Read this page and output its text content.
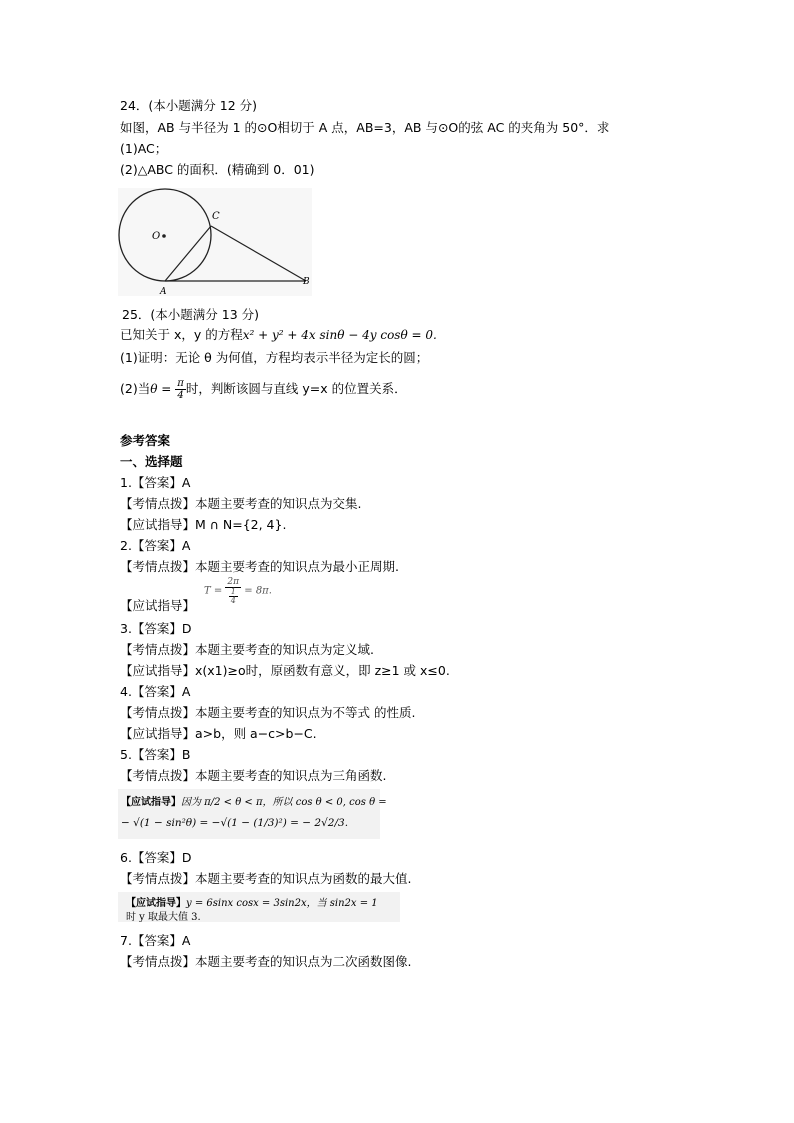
24．(本小题满分 12 分)
如图，AB 与半径为 1 的⊙O相切于 A 点，AB=3，AB 与⊙O的弦 AC 的夹角为 50°．求
(1)AC；
(2)△ABC 的面积．(精确到 0．01)
O
C
A
B
25．(本小题满分 13 分)
已知关于 x，y 的方程x² + y² + 4x sinθ − 4y cosθ = 0.
(1)证明：无论 θ 为何值，方程均表示半径为定长的圆；
(2)当$\theta = \frac{\pi}{4}$ 时，判断该圆与直线 y=x 的位置关系．
参考答案
一、选择题
1.【答案】A
【考情点拨】本题主要考查的知识点为交集.
【应试指导】M ∩ N={2, 4}.
2.【答案】A
【考情点拨】本题主要考查的知识点为最小正周期.
【应试指导】
$T = \frac{2\pi}{\frac{1}{4}} = 8\pi$.
3.【答案】D
【考情点拨】本题主要考查的知识点为定义域.
【应试指导】x(x1)≥o时，原函数有意义，即 z≥1 或 x≤0.
4.【答案】A
【考情点拨】本题主要考查的知识点为不等式 的性质.
【应试指导】a>b，则 a−c>b−C.
5.【答案】B
【考情点拨】本题主要考查的知识点为三角函数.
【应试指导】因为 π/2 < θ < π，所以 cos θ < 0, cos θ =
− √(1 − sin²θ) = −√(1 − (1/3)²) = − 2√2/3.
6.【答案】D
【考情点拨】本题主要考查的知识点为函数的最大值.
【应试指导】y = 6sinx cosx = 3sin2x，当 sin2x = 1
时 y 取最大值 3.
7.【答案】A
【考情点拨】本题主要考查的知识点为二次函数图像.
